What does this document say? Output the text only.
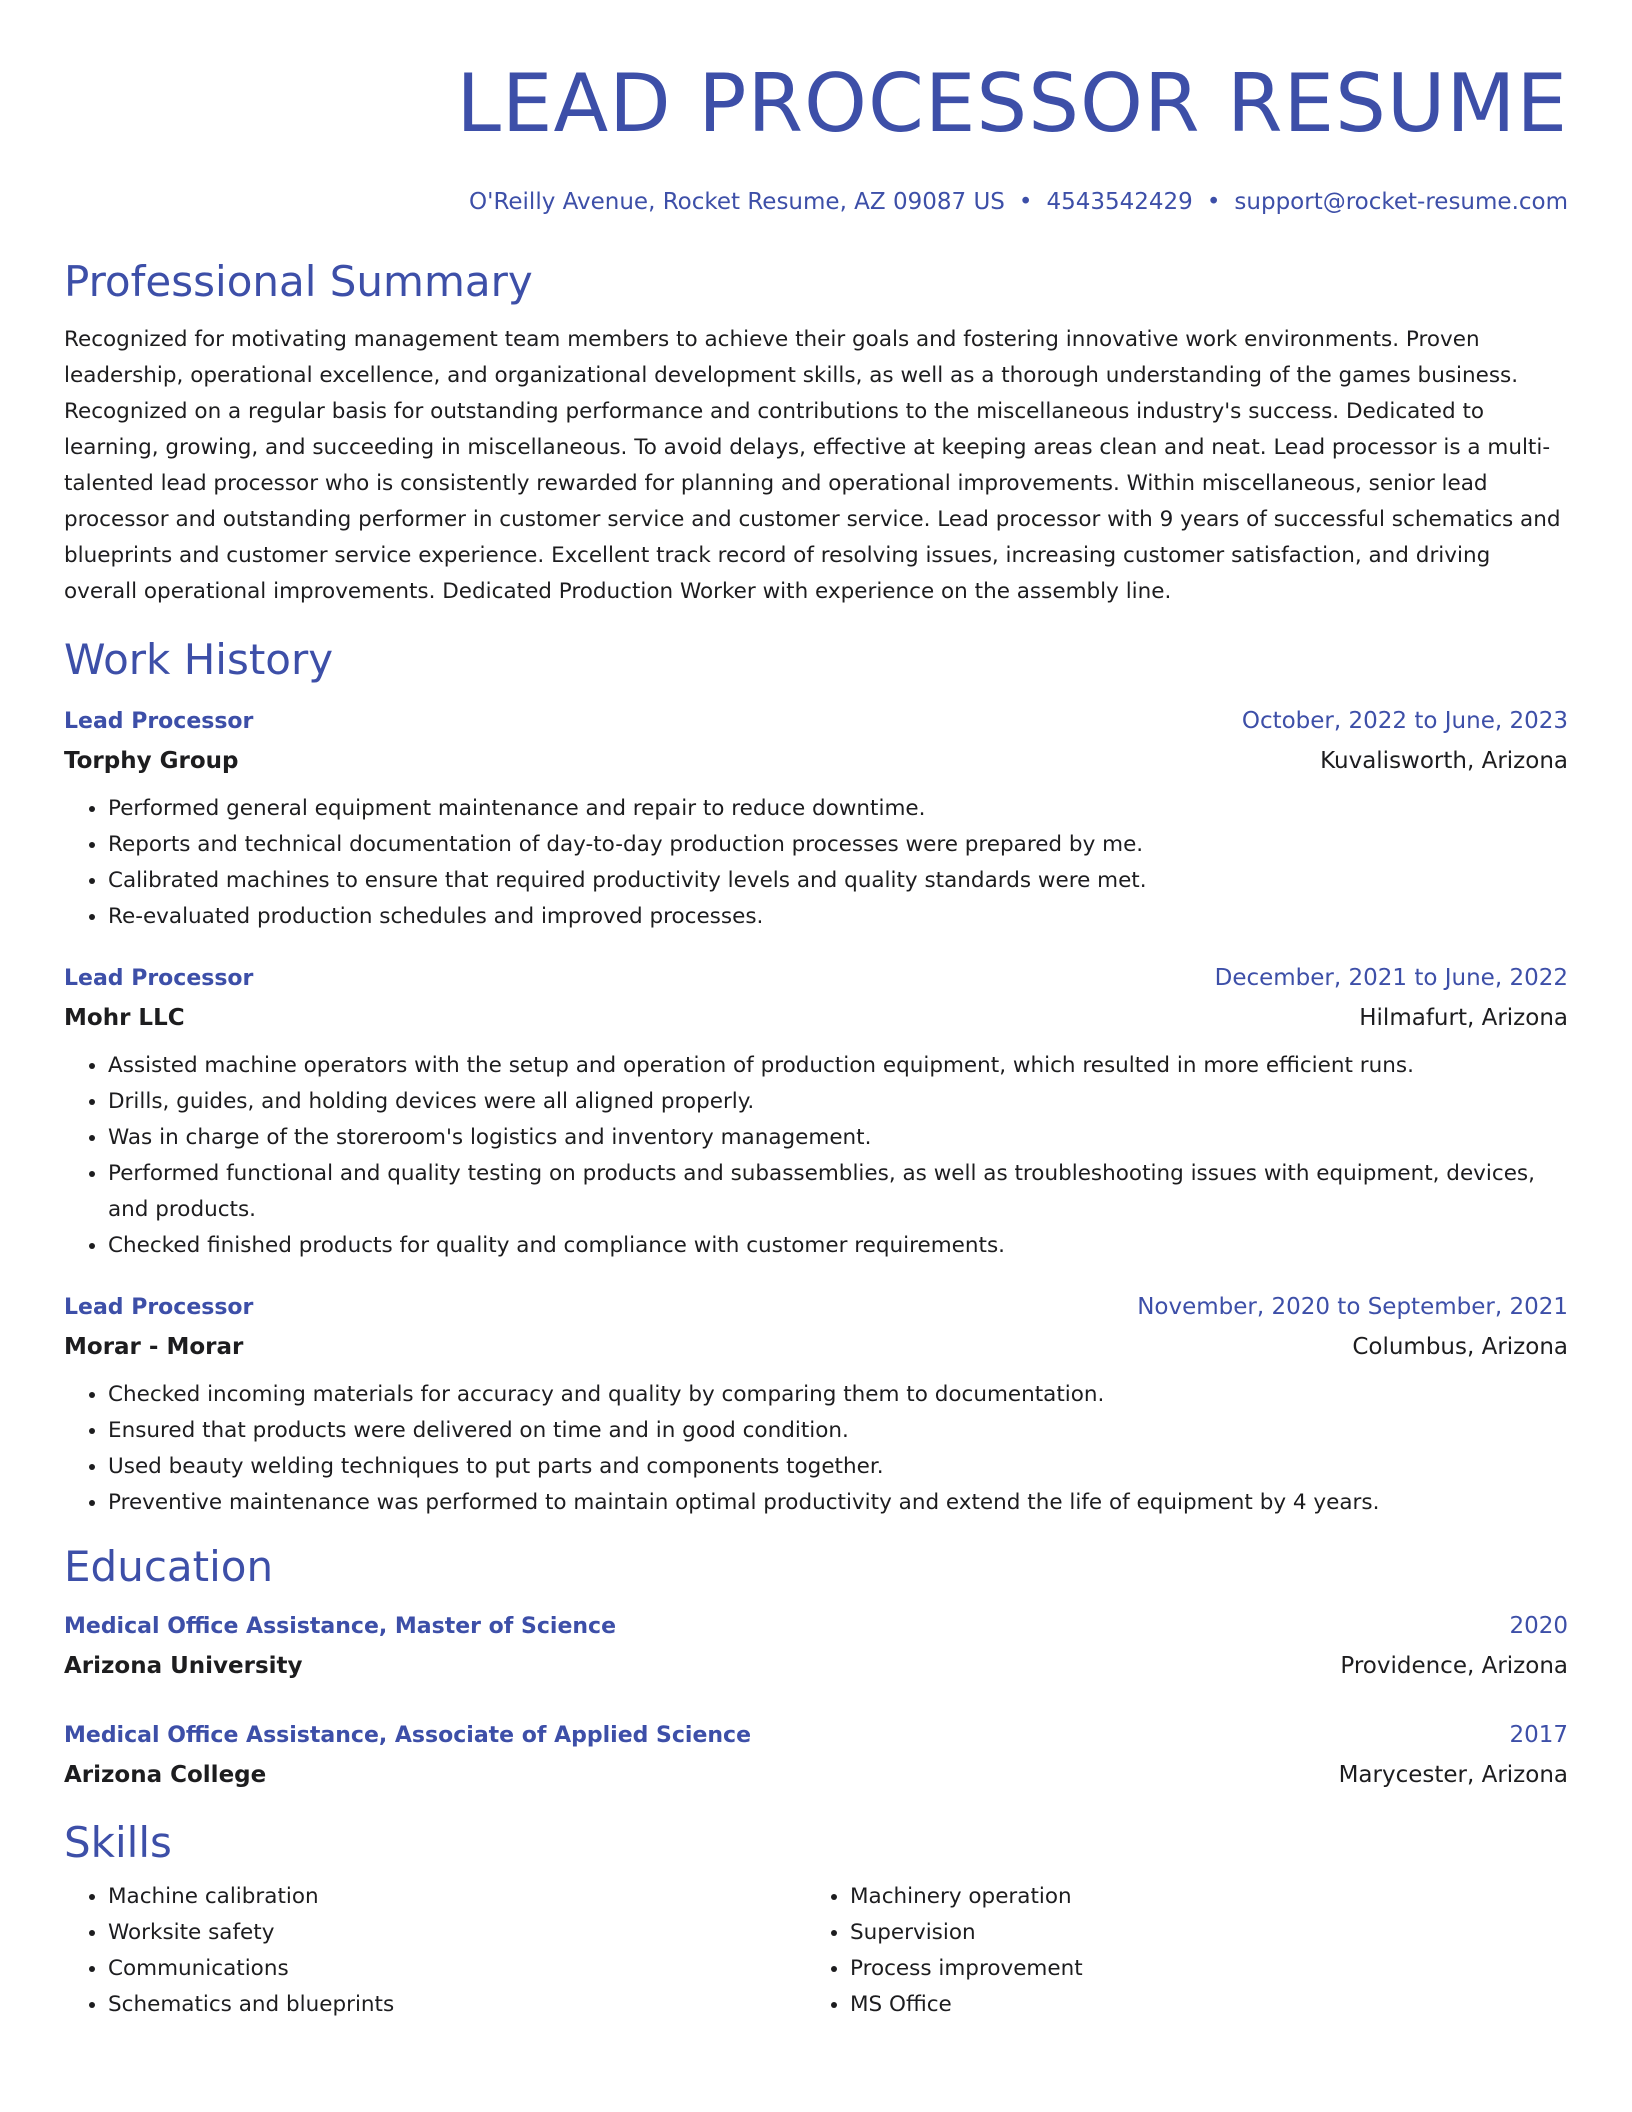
LEAD PROCESSOR RESUME
O'Reilly Avenue, Rocket Resume, AZ 09087 US • 4543542429 • support@rocket-resume.com
Professional Summary

Recognized for motivating management team members to achieve their goals and fostering innovative work environments. Proven leadership, operational excellence, and organizational development skills, as well as a thorough understanding of the games business. Recognized on a regular basis for outstanding performance and contributions to the miscellaneous industry's success. Dedicated to learning, growing, and succeeding in miscellaneous. To avoid delays, effective at keeping areas clean and neat. Lead processor is a multi-talented lead processor who is consistently rewarded for planning and operational improvements. Within miscellaneous, senior lead processor and outstanding performer in customer service and customer service. Lead processor with 9 years of successful schematics and blueprints and customer service experience. Excellent track record of resolving issues, increasing customer satisfaction, and driving overall operational improvements. Dedicated Production Worker with experience on the assembly line.

Work History
Lead Processor	October, 2022 to June, 2023
Torphy Group	Kuvalisworth, Arizona
• Performed general equipment maintenance and repair to reduce downtime.
• Reports and technical documentation of day-to-day production processes were prepared by me.
• Calibrated machines to ensure that required productivity levels and quality standards were met.
• Re-evaluated production schedules and improved processes.
Lead Processor	December, 2021 to June, 2022
Mohr LLC	Hilmafurt, Arizona
• Assisted machine operators with the setup and operation of production equipment, which resulted in more efficient runs.
• Drills, guides, and holding devices were all aligned properly.
• Was in charge of the storeroom's logistics and inventory management.
• Performed functional and quality testing on products and subassemblies, as well as troubleshooting issues with equipment, devices, and products.
• Checked finished products for quality and compliance with customer requirements.
Lead Processor	November, 2020 to September, 2021
Morar - Morar	Columbus, Arizona
• Checked incoming materials for accuracy and quality by comparing them to documentation.
• Ensured that products were delivered on time and in good condition.
• Used beauty welding techniques to put parts and components together.
• Preventive maintenance was performed to maintain optimal productivity and extend the life of equipment by 4 years.
Education
Medical Office Assistance, Master of Science	2020
Arizona University	Providence, Arizona
Medical Office Assistance, Associate of Applied Science	2017
Arizona College	Marycester, Arizona
Skills
• Machine calibration
• Worksite safety
• Communications
• Schematics and blueprints
• Machinery operation
• Supervision
• Process improvement
• MS Office
